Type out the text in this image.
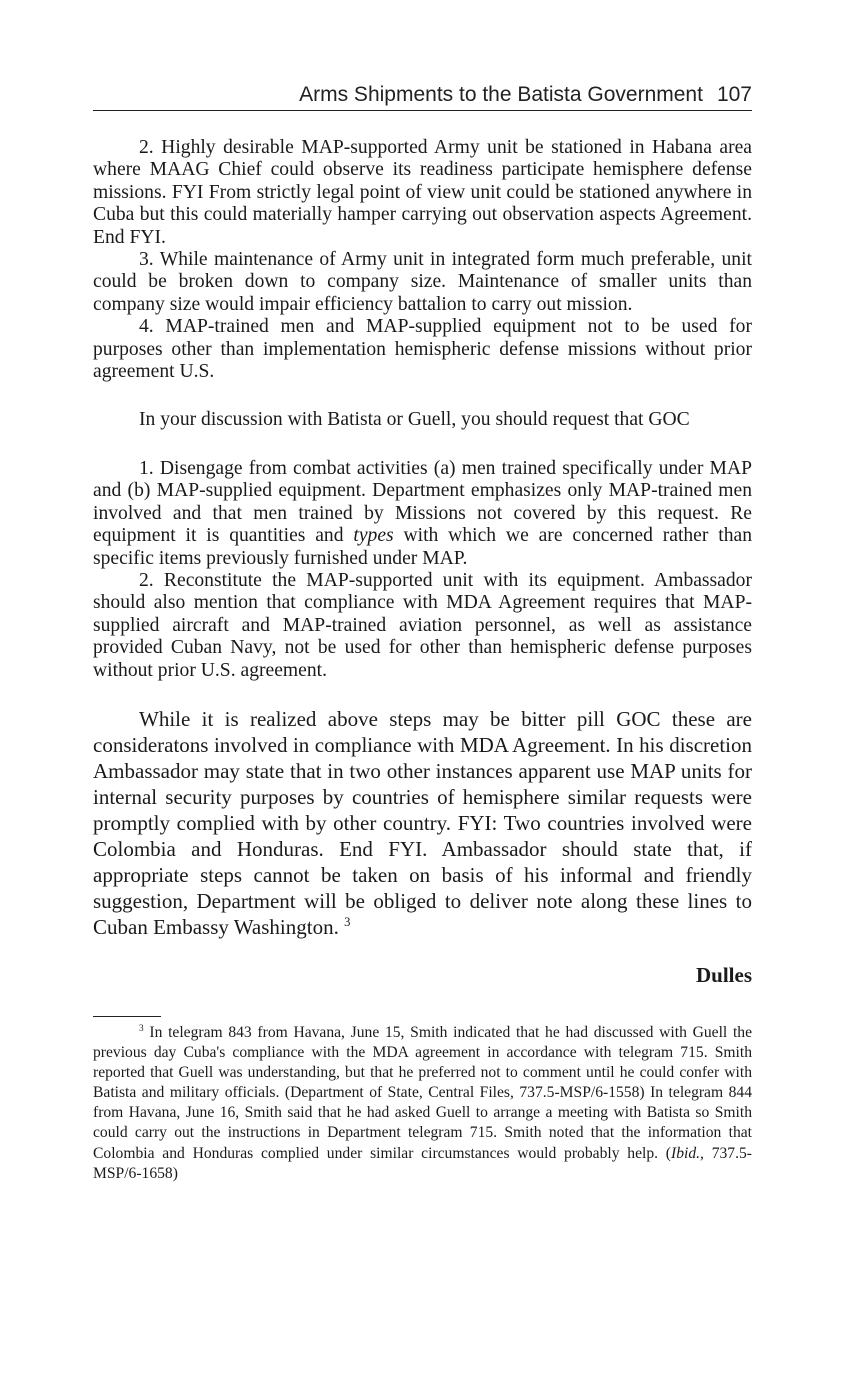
Arms Shipments to the Batista Government 107

2. Highly desirable MAP-supported Army unit be stationed in Habana area where MAAG Chief could observe its readiness participate hemisphere defense missions. FYI From strictly legal point of view unit could be stationed anywhere in Cuba but this could materially hamper carrying out observation aspects Agreement. End FYI.

3. While maintenance of Army unit in integrated form much preferable, unit could be broken down to company size. Maintenance of smaller units than company size would impair efficiency battalion to carry out mission.

4. MAP-trained men and MAP-supplied equipment not to be used for purposes other than implementation hemispheric defense missions without prior agreement U.S.

In your discussion with Batista or Guell, you should request that GOC

1. Disengage from combat activities (a) men trained specifically under MAP and (b) MAP-supplied equipment. Department emphasizes only MAP-trained men involved and that men trained by Missions not covered by this request. Re equipment it is quantities and types with which we are concerned rather than specific items previously furnished under MAP.

2. Reconstitute the MAP-supported unit with its equipment. Ambassador should also mention that compliance with MDA Agreement requires that MAP-supplied aircraft and MAP-trained aviation personnel, as well as assistance provided Cuban Navy, not be used for other than hemispheric defense purposes without prior U.S. agreement.

While it is realized above steps may be bitter pill GOC these are consideratons involved in compliance with MDA Agreement. In his discretion Ambassador may state that in two other instances apparent use MAP units for internal security purposes by countries of hemisphere similar requests were promptly complied with by other country. FYI: Two countries involved were Colombia and Honduras. End FYI. Ambassador should state that, if appropriate steps cannot be taken on basis of his informal and friendly suggestion, Department will be obliged to deliver note along these lines to Cuban Embassy Washington. $^3$

Dulles

$^3$ In telegram 843 from Havana, June 15, Smith indicated that he had discussed with Guell the previous day Cuba's compliance with the MDA agreement in accordance with telegram 715. Smith reported that Guell was understanding, but that he preferred not to comment until he could confer with Batista and military officials. (Department of State, Central Files, 737.5-MSP/6-1558) In telegram 844 from Havana, June 16, Smith said that he had asked Guell to arrange a meeting with Batista so Smith could carry out the instructions in Department telegram 715. Smith noted that the information that Colombia and Honduras complied under similar circumstances would probably help. (Ibid., 737.5-MSP/6-1658)
